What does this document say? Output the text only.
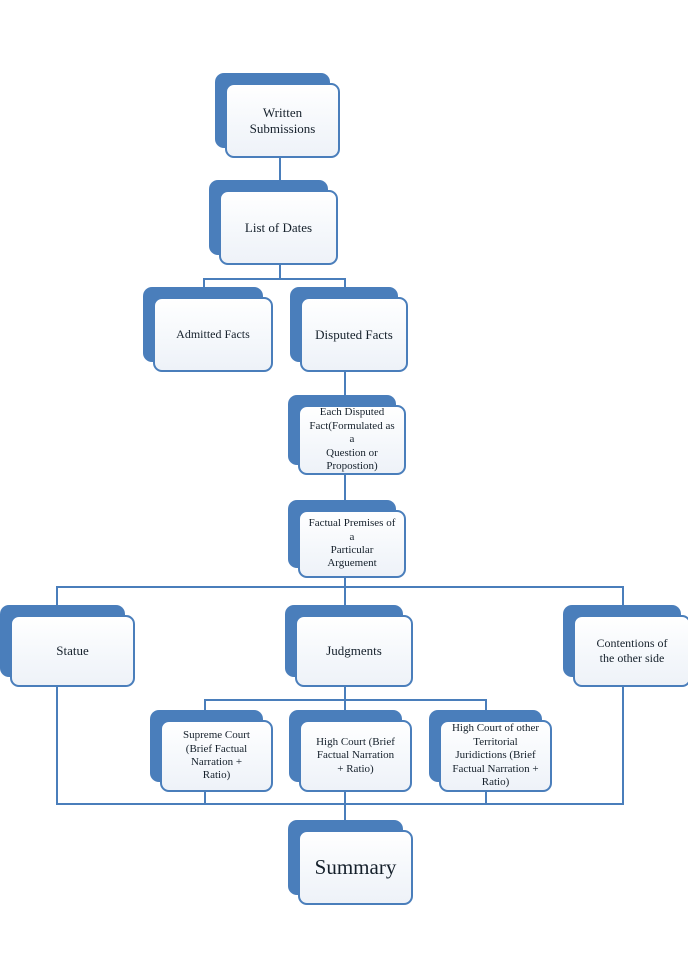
Written
Submissions
List of Dates
Admitted Facts	Disputed Facts
Each Disputed
Fact(Formulated as a
Question or
Propostion)
Factual Premises of a
Particular Arguement
Statue	Judgments	Contentions of
the other side
Supreme Court
(Brief Factual
Narration +
Ratio)
High Court (Brief
Factual Narration
+ Ratio)
High Court of other
Territorial
Juridictions (Brief
Factual Narration +
Ratio)
Summary
